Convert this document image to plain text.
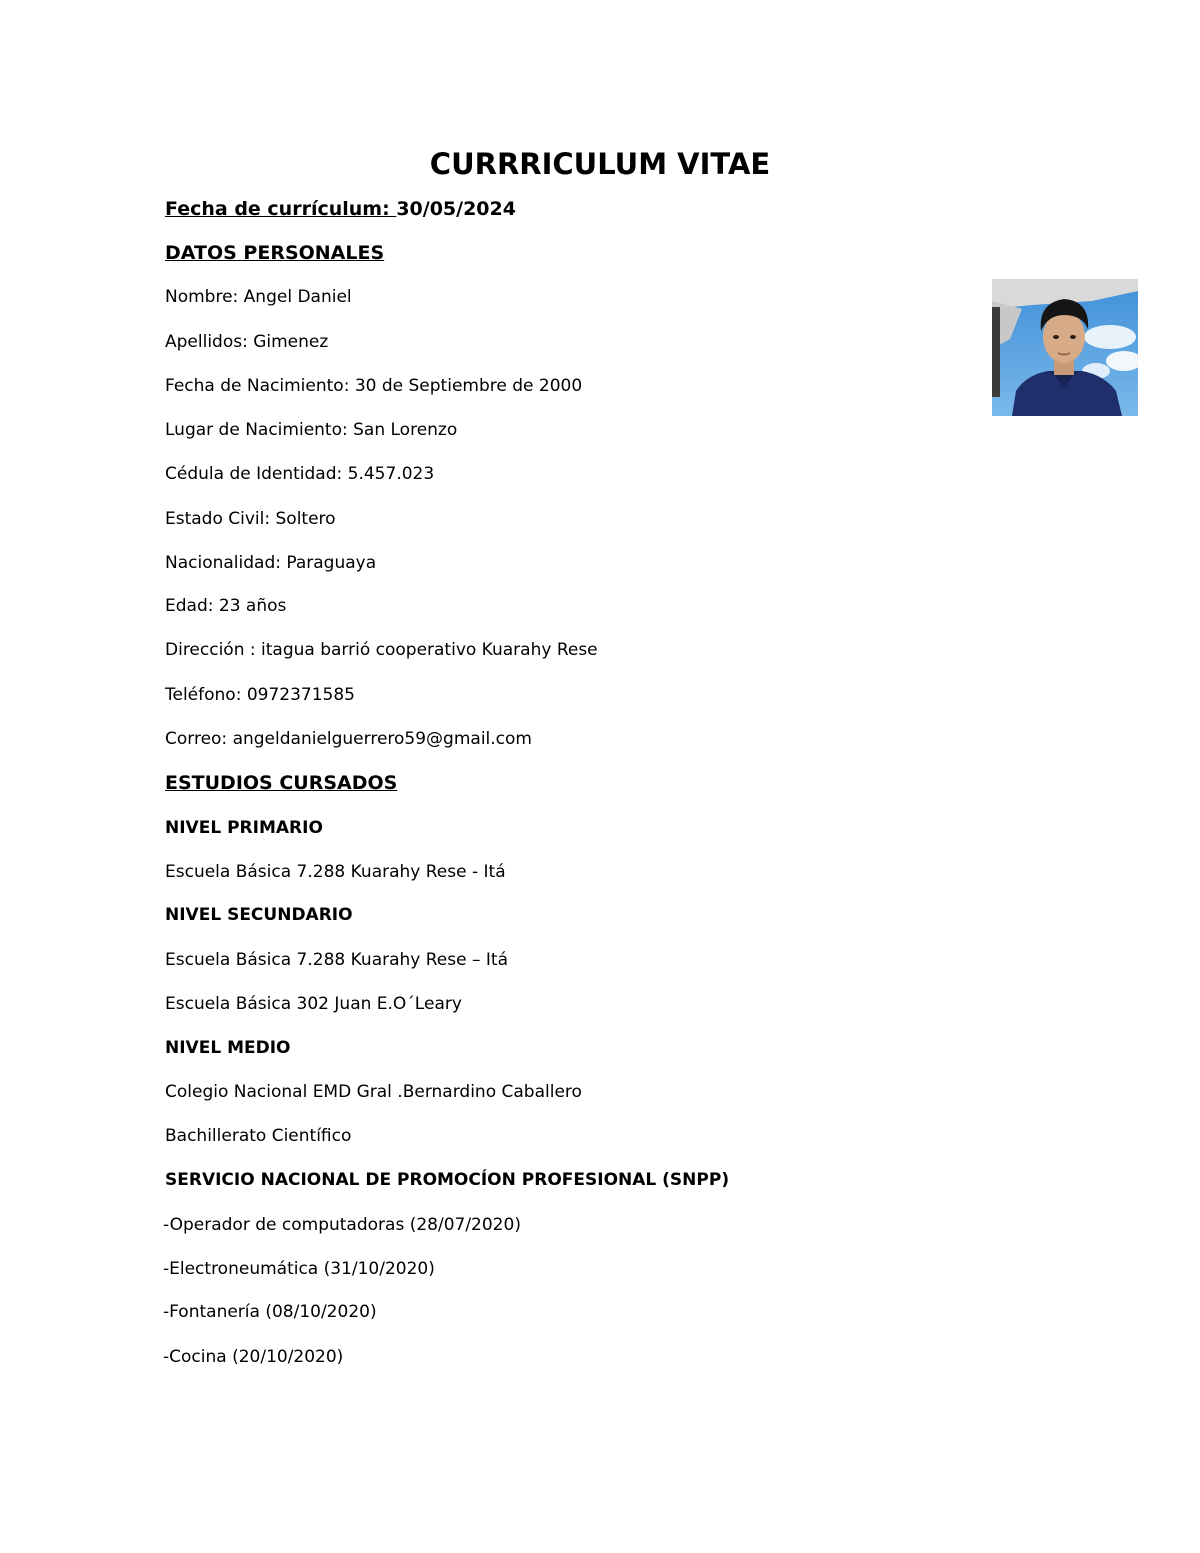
CURRRICULUM VITAE
Fecha de currículum: 30/05/2024
DATOS PERSONALES
Nombre: Angel Daniel
Apellidos: Gimenez
Fecha de Nacimiento: 30 de Septiembre de 2000
Lugar de Nacimiento: San Lorenzo
Cédula de Identidad: 5.457.023
Estado Civil: Soltero
Nacionalidad: Paraguaya
Edad: 23 años
Dirección : itagua barrió cooperativo Kuarahy Rese
Teléfono: 0972371585
Correo: angeldanielguerrero59@gmail.com
ESTUDIOS CURSADOS
NIVEL PRIMARIO
Escuela Básica 7.288 Kuarahy Rese - Itá
NIVEL SECUNDARIO
Escuela Básica 7.288 Kuarahy Rese – Itá
Escuela Básica 302 Juan E.O´Leary
NIVEL MEDIO
Colegio Nacional EMD Gral .Bernardino Caballero
Bachillerato Científico
SERVICIO NACIONAL DE PROMOCÍON PROFESIONAL (SNPP)
-Operador de computadoras (28/07/2020)
-Electroneumática (31/10/2020)
-Fontanería (08/10/2020)
-Cocina (20/10/2020)
